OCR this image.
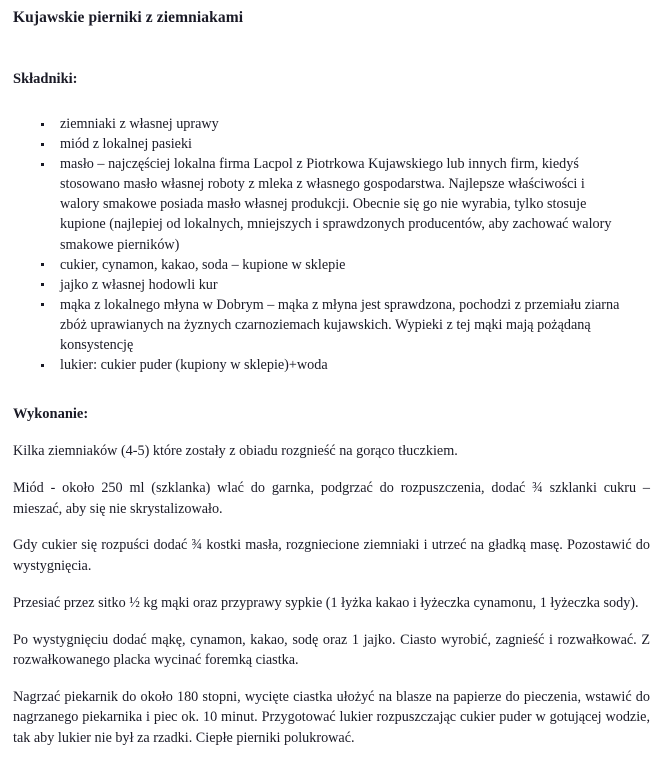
Kujawskie pierniki z ziemniakami
Składniki:
ziemniaki z własnej uprawy
miód z lokalnej pasieki
masło – najczęściej lokalna firma Lacpol z Piotrkowa Kujawskiego lub innych firm, kiedyś stosowano masło własnej roboty z mleka z własnego gospodarstwa. Najlepsze właściwości i walory smakowe posiada masło własnej produkcji. Obecnie się go nie wyrabia, tylko stosuje kupione (najlepiej od lokalnych, mniejszych i sprawdzonych producentów, aby zachować walory smakowe pierników)
cukier, cynamon, kakao, soda – kupione w sklepie
jajko z własnej hodowli kur
mąka z lokalnego młyna w Dobrym – mąka z młyna jest sprawdzona, pochodzi z przemiału ziarna zbóż uprawianych na żyznych czarnoziemach kujawskich. Wypieki z tej mąki mają pożądaną konsystencję
lukier: cukier puder (kupiony w sklepie)+woda
Wykonanie:

Kilka ziemniaków (4-5) które zostały z obiadu rozgnieść na gorąco tłuczkiem.

Miód - około 250 ml (szklanka) wlać do garnka, podgrzać do rozpuszczenia, dodać ¾ szklanki cukru – mieszać, aby się nie skrystalizowało.

Gdy cukier się rozpuści dodać ¾ kostki masła, rozgniecione ziemniaki i utrzeć na gładką masę. Pozostawić do wystygnięcia.

Przesiać przez sitko ½ kg mąki oraz przyprawy sypkie (1 łyżka kakao i łyżeczka cynamonu, 1 łyżeczka sody).

Po wystygnięciu dodać mąkę, cynamon, kakao, sodę oraz 1 jajko. Ciasto wyrobić, zagnieść i rozwałkować. Z rozwałkowanego placka wycinać foremką ciastka.

Nagrzać piekarnik do około 180 stopni, wycięte ciastka ułożyć na blasze na papierze do pieczenia, wstawić do nagrzanego piekarnika i piec ok. 10 minut. Przygotować lukier rozpuszczając cukier puder w gotującej wodzie, tak aby lukier nie był za rzadki. Ciepłe pierniki polukrować.
